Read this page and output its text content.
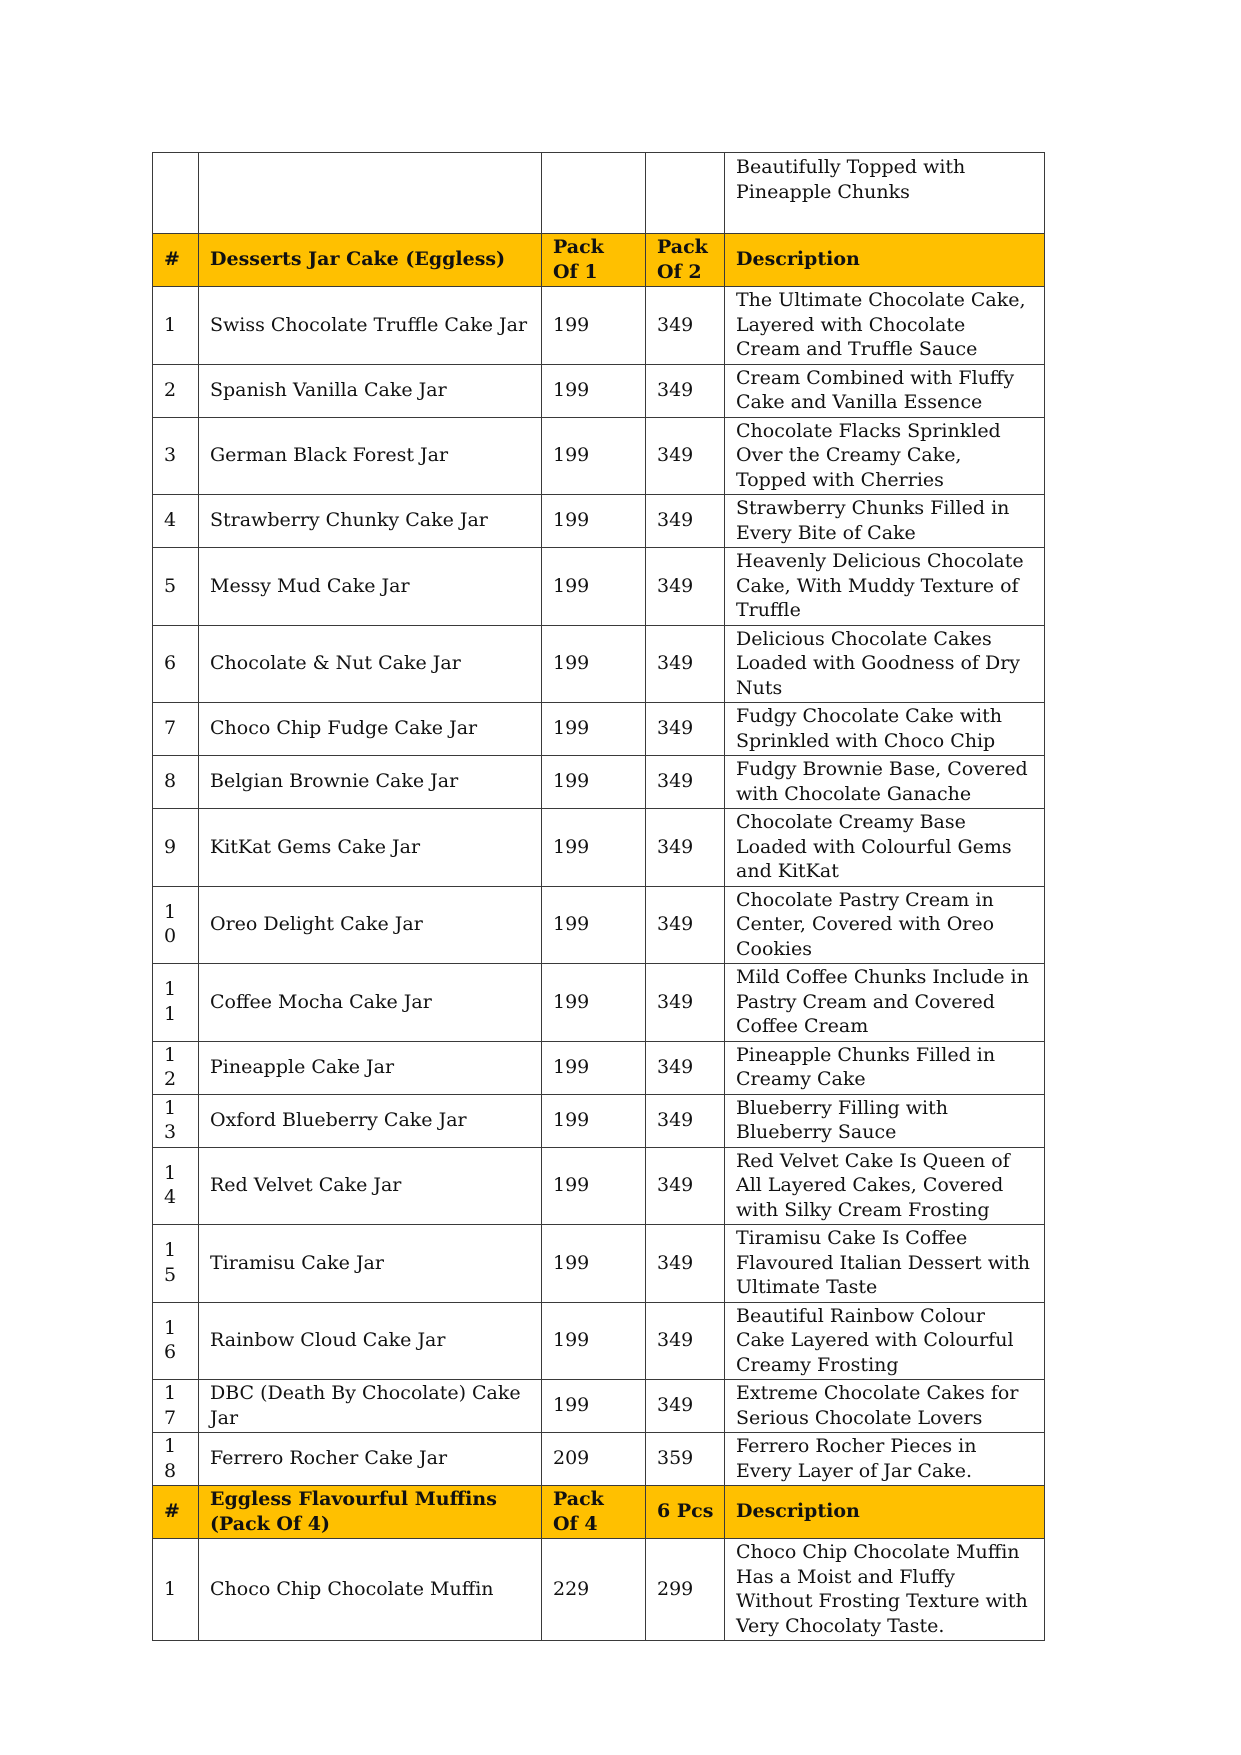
				Beautifully Topped with Pineapple Chunks
#	Desserts Jar Cake (Eggless)	Pack Of 1	Pack Of 2	Description
1	Swiss Chocolate Truffle Cake Jar	199	349	The Ultimate Chocolate Cake, Layered with Chocolate Cream and Truffle Sauce
2	Spanish Vanilla Cake Jar	199	349	Cream Combined with Fluffy Cake and Vanilla Essence
3	German Black Forest Jar	199	349	Chocolate Flacks Sprinkled Over the Creamy Cake, Topped with Cherries
4	Strawberry Chunky Cake Jar	199	349	Strawberry Chunks Filled in Every Bite of Cake
5	Messy Mud Cake Jar	199	349	Heavenly Delicious Chocolate Cake, With Muddy Texture of Truffle
6	Chocolate & Nut Cake Jar	199	349	Delicious Chocolate Cakes Loaded with Goodness of Dry Nuts
7	Choco Chip Fudge Cake Jar	199	349	Fudgy Chocolate Cake with Sprinkled with Choco Chip
8	Belgian Brownie Cake Jar	199	349	Fudgy Brownie Base, Covered with Chocolate Ganache
9	KitKat Gems Cake Jar	199	349	Chocolate Creamy Base Loaded with Colourful Gems and KitKat
10	Oreo Delight Cake Jar	199	349	Chocolate Pastry Cream in Center, Covered with Oreo Cookies
11	Coffee Mocha Cake Jar	199	349	Mild Coffee Chunks Include in Pastry Cream and Covered Coffee Cream
12	Pineapple Cake Jar	199	349	Pineapple Chunks Filled in Creamy Cake
13	Oxford Blueberry Cake Jar	199	349	Blueberry Filling with Blueberry Sauce
14	Red Velvet Cake Jar	199	349	Red Velvet Cake Is Queen of All Layered Cakes, Covered with Silky Cream Frosting
15	Tiramisu Cake Jar	199	349	Tiramisu Cake Is Coffee Flavoured Italian Dessert with Ultimate Taste
16	Rainbow Cloud Cake Jar	199	349	Beautiful Rainbow Colour Cake Layered with Colourful Creamy Frosting
17	DBC (Death By Chocolate) Cake Jar	199	349	Extreme Chocolate Cakes for Serious Chocolate Lovers
18	Ferrero Rocher Cake Jar	209	359	Ferrero Rocher Pieces in Every Layer of Jar Cake.
#	Eggless Flavourful Muffins (Pack Of 4)	Pack Of 4	6 Pcs	Description
1	Choco Chip Chocolate Muffin	229	299	Choco Chip Chocolate Muffin Has a Moist and Fluffy Without Frosting Texture with Very Chocolaty Taste.
